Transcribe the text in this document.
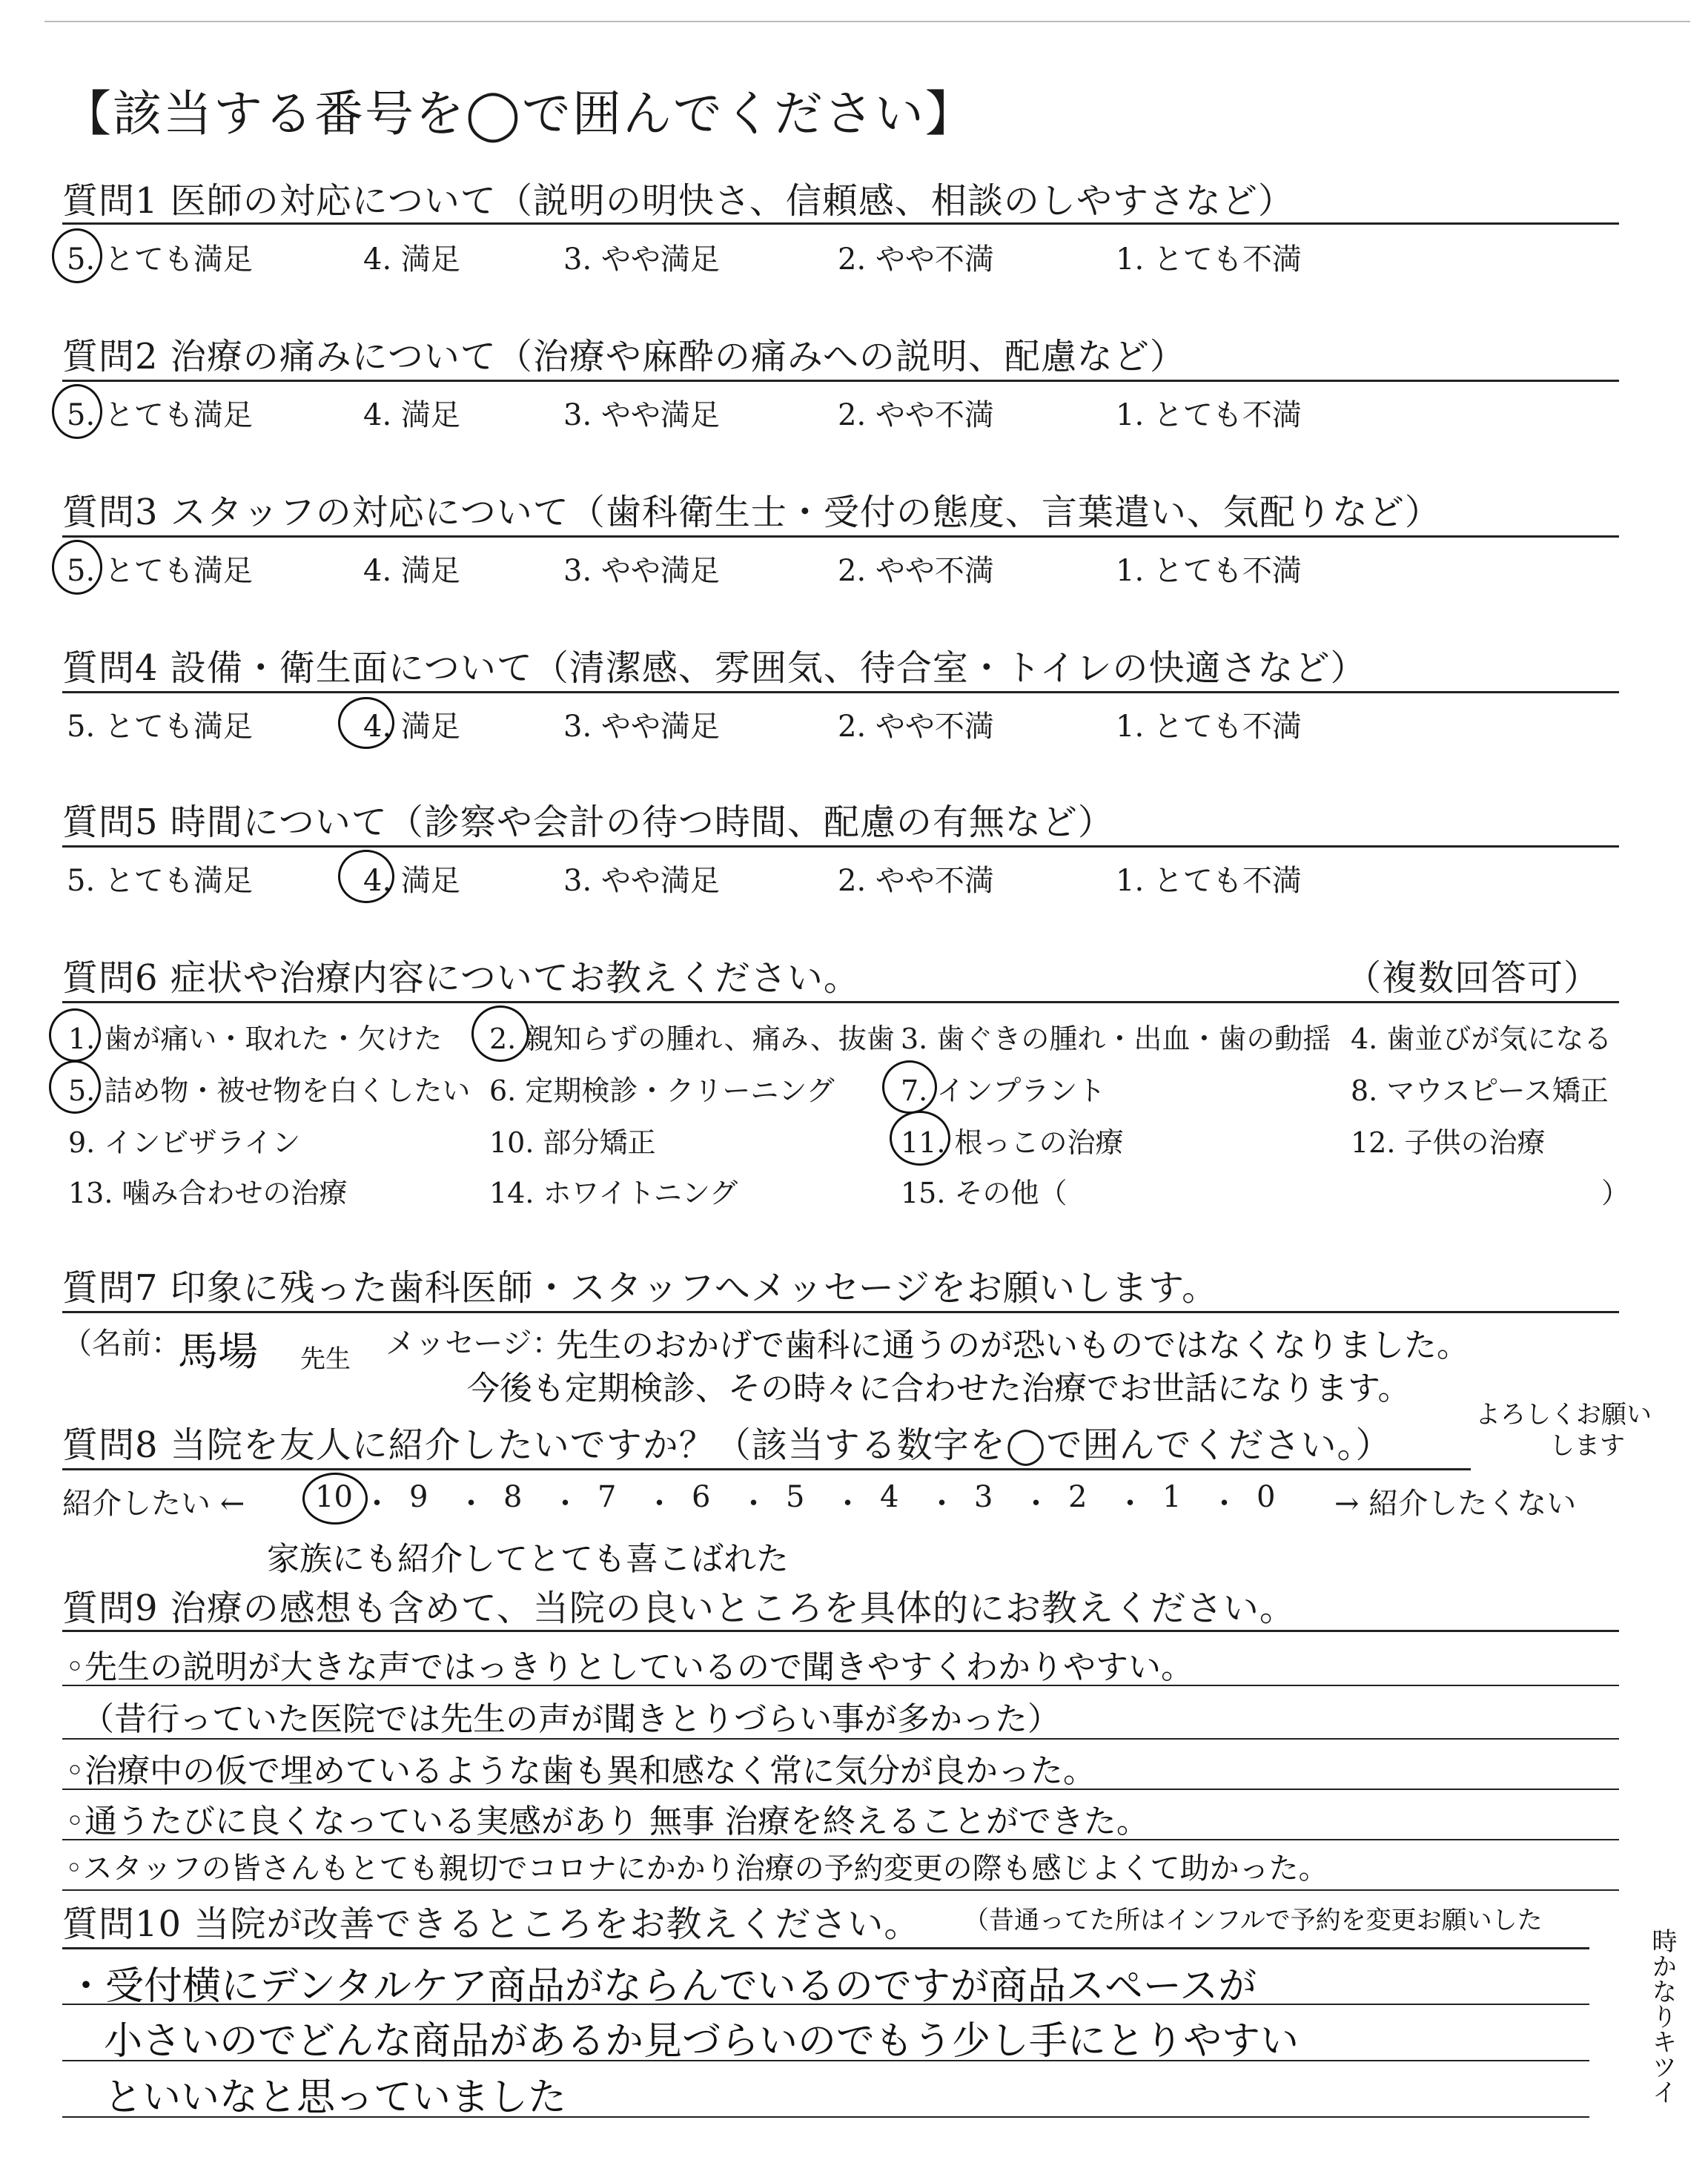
【該当する番号を◯で囲んでください】
質問1 医師の対応について（説明の明快さ、信頼感、相談のしやすさなど）
5. とても満足	4. 満足	3. やや満足	2. やや不満	1. とても不満
質問2 治療の痛みについて（治療や麻酔の痛みへの説明、配慮など）
5. とても満足	4. 満足	3. やや満足	2. やや不満	1. とても不満
質問3 スタッフの対応について（歯科衛生士・受付の態度、言葉遣い、気配りなど）
5. とても満足	4. 満足	3. やや満足	2. やや不満	1. とても不満
質問4 設備・衛生面について（清潔感、雰囲気、待合室・トイレの快適さなど）
5. とても満足	4. 満足	3. やや満足	2. やや不満	1. とても不満
質問5 時間について（診察や会計の待つ時間、配慮の有無など）
5. とても満足	4. 満足	3. やや満足	2. やや不満	1. とても不満
質問6 症状や治療内容についてお教えください。	（複数回答可）
1. 歯が痛い・取れた・欠けた 2. 親知らずの腫れ、痛み、抜歯 3. 歯ぐきの腫れ・出血・歯の動揺 4. 歯並びが気になる
5. 詰め物・被せ物を白くしたい 6. 定期検診・クリーニング 7. インプラント	8. マウスピース矯正
9. インビザライン	10. 部分矯正	11. 根っこの治療	12. 子供の治療
13. 噛み合わせの治療	14. ホワイトニング	15. その他（	）
質問7 印象に残った歯科医師・スタッフへメッセージをお願いします。
（名前：
馬場 先生 メッセージ：
先生のおかげで歯科に通うのが恐いものではなくなりました。
今後も定期検診、その時々に合わせた治療でお世話になります。
よろしくお願い
します
質問8 当院を友人に紹介したいですか？（該当する数字を◯で囲んでください。）
紹介したい ←	→ 紹介したくない
10 ・ 9 ・ 8 ・ 7 ・ 6 ・ 5 ・ 4 ・ 3 ・ 2 ・ 1 ・ 0
家族にも紹介してとても喜こばれた
質問9 治療の感想も含めて、当院の良いところを具体的にお教えください。
◦先生の説明が大きな声ではっきりとしているので聞きやすくわかりやすい。
（昔行っていた医院では先生の声が聞きとりづらい事が多かった）
◦治療中の仮で埋めているような歯も異和感なく常に気分が良かった。
◦通うたびに良くなっている実感があり 無事 治療を終えることができた。
◦スタッフの皆さんもとても親切でコロナにかかり治療の予約変更の際も感じよくて助かった。
質問10 当院が改善できるところをお教えください。 （昔通ってた所はインフルで予約を変更お願いした
時かなりキツイ
・受付横にデンタルケア商品がならんでいるのですが商品スペースが
小さいのでどんな商品があるか見づらいのでもう少し手にとりやすい
といいなと思っていました
